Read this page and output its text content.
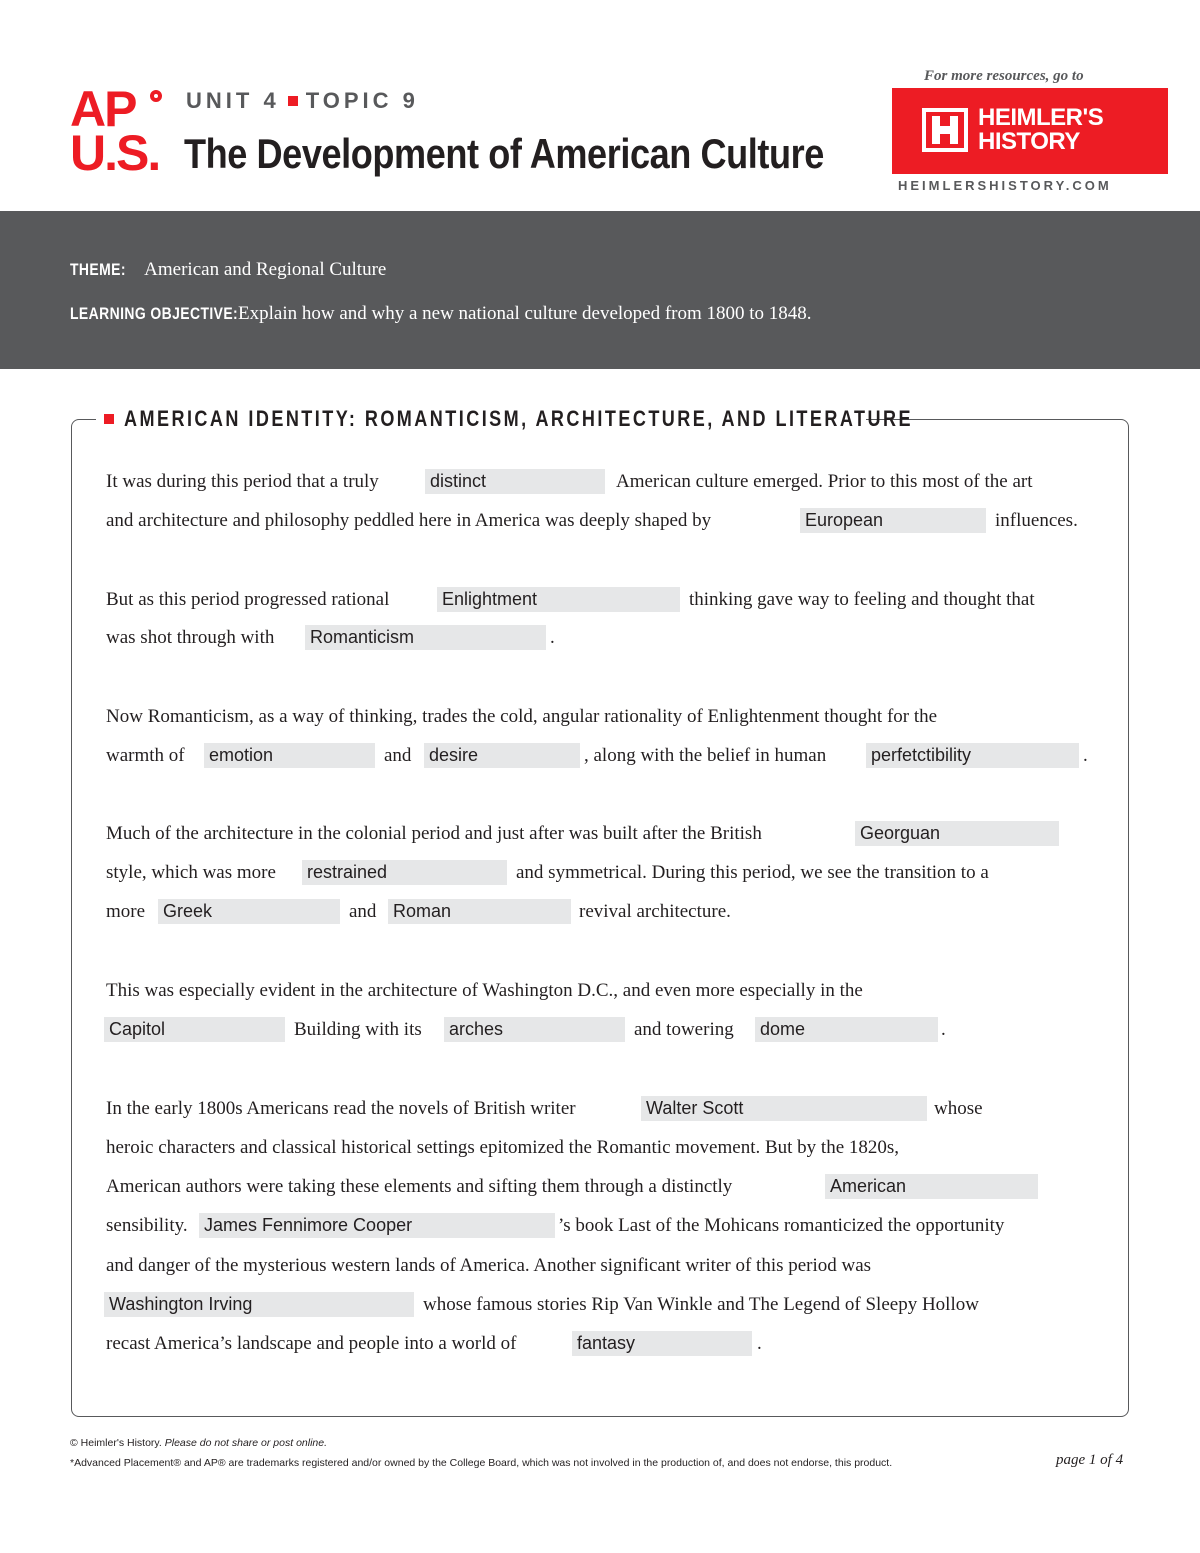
AP
U.S.
UNIT 4 TOPIC 9
The Development of American Culture
For more resources, go to
HEIMLER'S
HISTORY
HEIMLERSHISTORY.COM
THEME: American and Regional Culture
LEARNING OBJECTIVE: Explain how and why a new national culture developed from 1800 to 1848.
AMERICAN IDENTITY: ROMANTICISM, ARCHITECTURE, AND LITERATURE
It was during this period that a truly	distinct	American culture emerged. Prior to this most of the art
and architecture and philosophy peddled here in America was deeply shaped by	European	influences.
But as this period progressed rational	Enlightment	thinking gave way to feeling and thought that
was shot through with Romanticism	.
Now Romanticism, as a way of thinking, trades the cold, angular rationality of Enlightenment thought for the
warmth of emotion	and desire	, along with the belief in human perfetctibility	.
Much of the architecture in the colonial period and just after was built after the British	Georguan
style, which was more restrained	and symmetrical. During this period, we see the transition to a
more Greek	and Roman	revival architecture.
This was especially evident in the architecture of Washington D.C., and even more especially in the
Capitol	Building with its arches	and towering dome	.
In the early 1800s Americans read the novels of British writer	Walter Scott	whose
heroic characters and classical historical settings epitomized the Romantic movement. But by the 1820s,
American authors were taking these elements and sifting them through a distinctly	American
sensibility. James Fennimore Cooper	’s book Last of the Mohicans romanticized the opportunity
and danger of the mysterious western lands of America. Another significant writer of this period was
Washington Irving	whose famous stories Rip Van Winkle and The Legend of Sleepy Hollow
recast America’s landscape and people into a world of	fantasy	.
© Heimler's History. Please do not share or post online.
*Advanced Placement® and AP® are trademarks registered and/or owned by the College Board, which was not involved in the production of, and does not endorse, this product.	page 1 of 4
